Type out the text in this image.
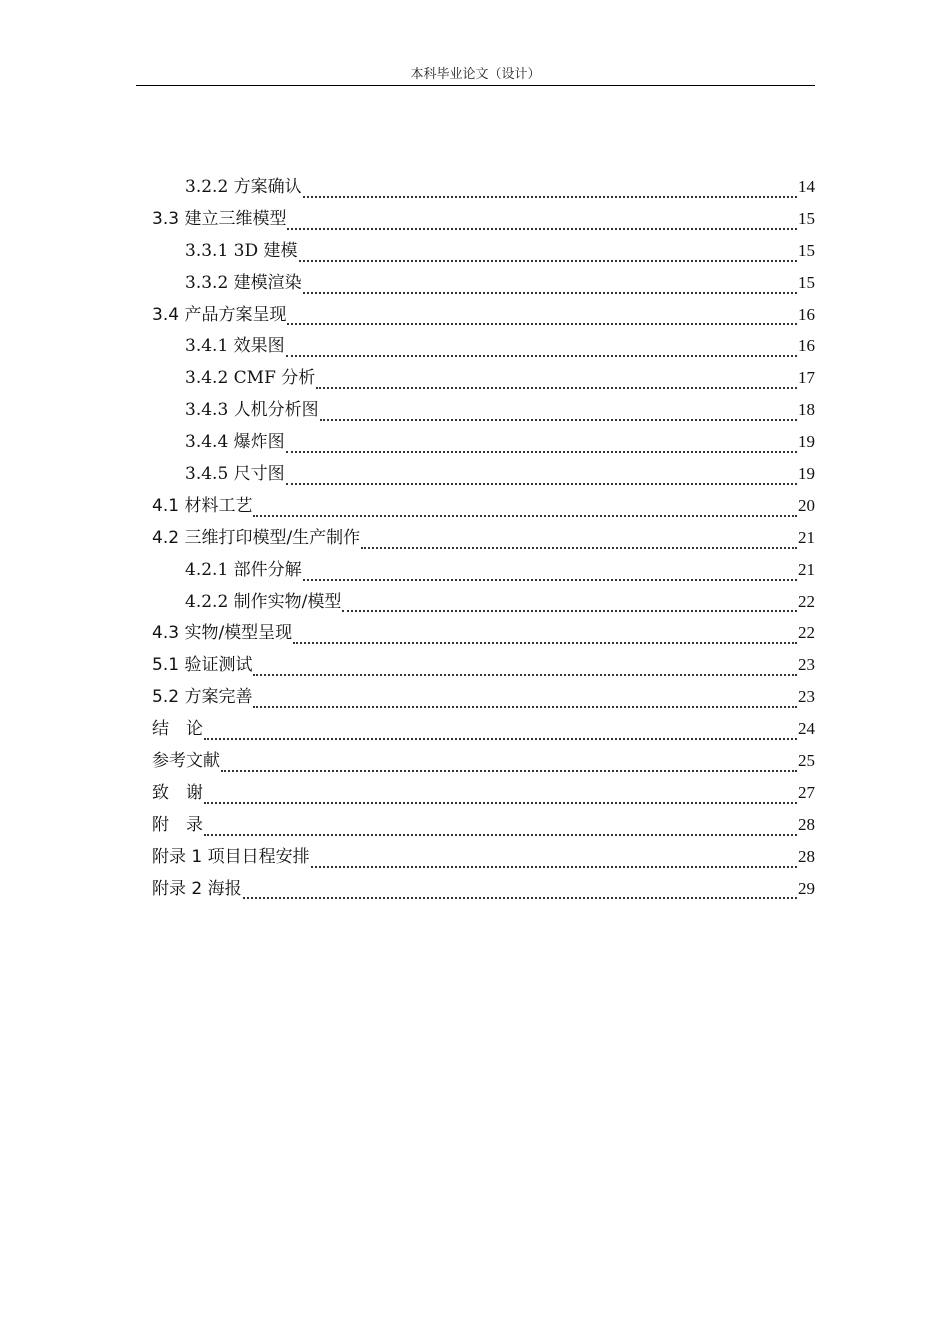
本科毕业论文（设计）
3.2.2 方案确认	14
3.3 建立三维模型	15
3.3.1 3D 建模	15
3.3.2 建模渲染	15
3.4 产品方案呈现	16
3.4.1 效果图	16
3.4.2 CMF 分析	17
3.4.3 人机分析图	18
3.4.4 爆炸图	19
3.4.5 尺寸图	19
4.1 材料工艺	20
4.2 三维打印模型/生产制作	21
4.2.1 部件分解	21
4.2.2 制作实物/模型	22
4.3 实物/模型呈现	22
5.1 验证测试	23
5.2 方案完善	23
结　论	24
参考文献	25
致　谢	27
附　录	28
附录 1 项目日程安排	28
附录 2 海报	29
